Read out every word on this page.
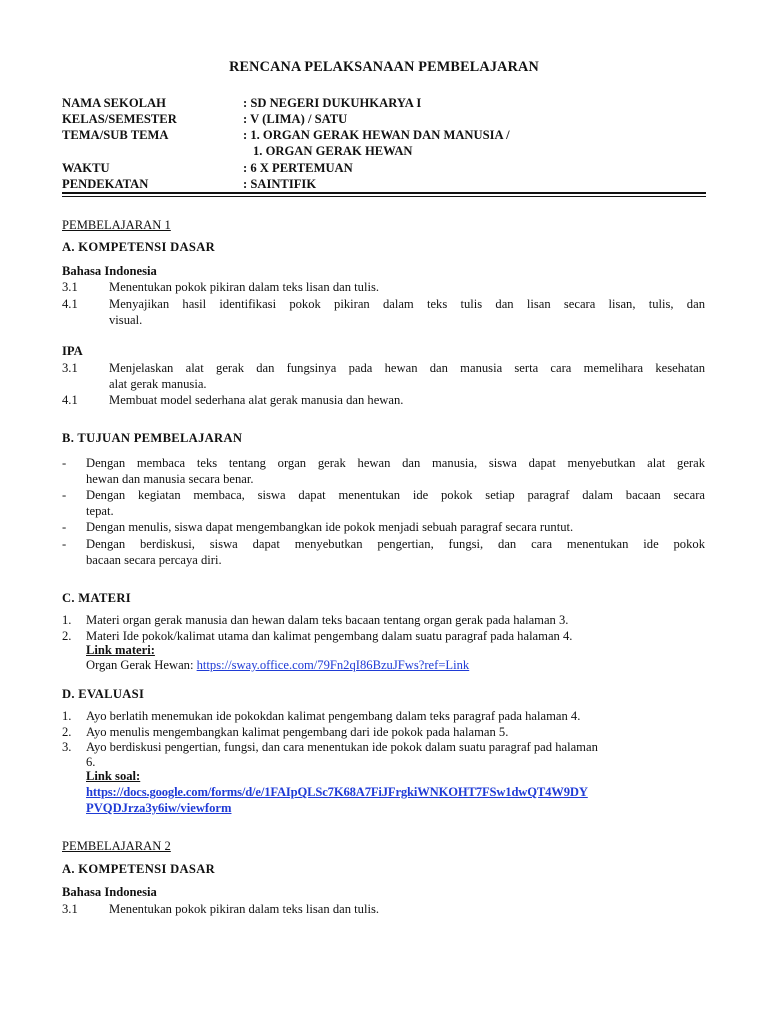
RENCANA PELAKSANAAN PEMBELAJARAN
NAMA SEKOLAH	: SD NEGERI DUKUHKARYA I
KELAS/SEMESTER	: V (LIMA) / SATU
TEMA/SUB TEMA	: 1. ORGAN GERAK HEWAN DAN MANUSIA /
1. ORGAN GERAK HEWAN
WAKTU	: 6 X PERTEMUAN
PENDEKATAN	: SAINTIFIK
PEMBELAJARAN 1
A. KOMPETENSI DASAR
Bahasa Indonesia
3.1 Menentukan pokok pikiran dalam teks lisan dan tulis.
4.1 Menyajikan hasil identifikasi pokok pikiran dalam teks tulis dan lisan secara lisan, tulis, dan
visual.
IPA
3.1 Menjelaskan alat gerak dan fungsinya pada hewan dan manusia serta cara memelihara kesehatan
alat gerak manusia.
4.1 Membuat model sederhana alat gerak manusia dan hewan.
B. TUJUAN PEMBELAJARAN
- Dengan membaca teks tentang organ gerak hewan dan manusia, siswa dapat menyebutkan alat gerak
hewan dan manusia secara benar.
- Dengan kegiatan membaca, siswa dapat menentukan ide pokok setiap paragraf dalam bacaan secara
tepat.
- Dengan menulis, siswa dapat mengembangkan ide pokok menjadi sebuah paragraf secara runtut.
- Dengan berdiskusi, siswa dapat menyebutkan pengertian, fungsi, dan cara menentukan ide pokok
bacaan secara percaya diri.
C. MATERI
1. Materi organ gerak manusia dan hewan dalam teks bacaan tentang organ gerak pada halaman 3.
2. Materi Ide pokok/kalimat utama dan kalimat pengembang dalam suatu paragraf pada halaman 4.
Link materi:
Organ Gerak Hewan: https://sway.office.com/79Fn2qI86BzuJFws?ref=Link
D. EVALUASI
1. Ayo berlatih menemukan ide pokokdan kalimat pengembang dalam teks paragraf pada halaman 4.
2. Ayo menulis mengembangkan kalimat pengembang dari ide pokok pada halaman 5.
3. Ayo berdiskusi pengertian, fungsi, dan cara menentukan ide pokok dalam suatu paragraf pad halaman
6.
Link soal:
https://docs.google.com/forms/d/e/1FAIpQLSc7K68A7FiJFrgkiWNKOHT7FSw1dwQT4W9DY
PVQDJrza3y6iw/viewform
PEMBELAJARAN 2
A. KOMPETENSI DASAR
Bahasa Indonesia
3.1 Menentukan pokok pikiran dalam teks lisan dan tulis.
